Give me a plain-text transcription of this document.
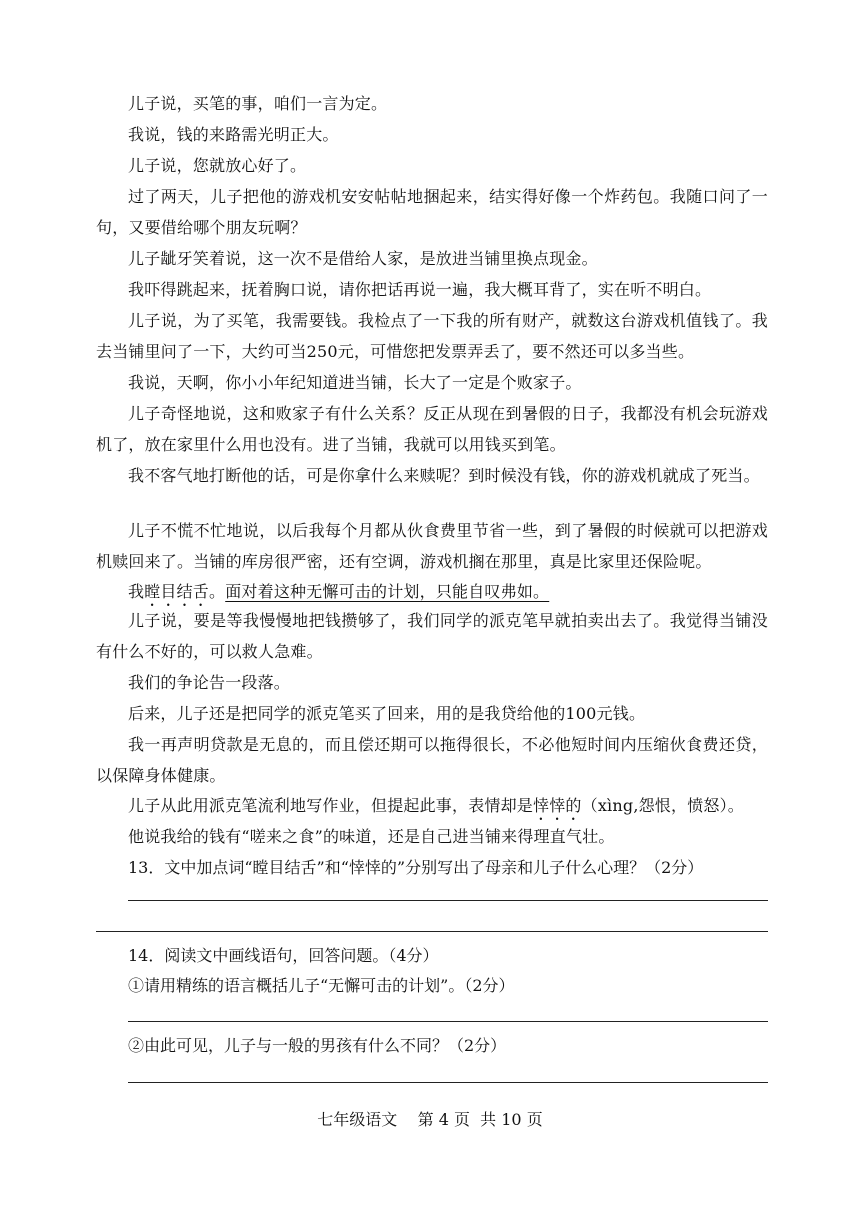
儿子说，买笔的事，咱们一言为定。
我说，钱的来路需光明正大。
儿子说，您就放心好了。
过了两天，儿子把他的游戏机安安帖帖地捆起来，结实得好像一个炸药包。我随口问了一句，又要借给哪个朋友玩啊？
儿子龇牙笑着说，这一次不是借给人家，是放进当铺里换点现金。
我吓得跳起来，抚着胸口说，请你把话再说一遍，我大概耳背了，实在听不明白。
儿子说，为了买笔，我需要钱。我检点了一下我的所有财产，就数这台游戏机值钱了。我去当铺里问了一下，大约可当250元，可惜您把发票弄丢了，要不然还可以多当些。
我说，天啊，你小小年纪知道进当铺，长大了一定是个败家子。
儿子奇怪地说，这和败家子有什么关系？反正从现在到暑假的日子，我都没有机会玩游戏机了，放在家里什么用也没有。进了当铺，我就可以用钱买到笔。
我不客气地打断他的话，可是你拿什么来赎呢？到时候没有钱，你的游戏机就成了死当。
儿子不慌不忙地说，以后我每个月都从伙食费里节省一些，到了暑假的时候就可以把游戏机赎回来了。当铺的库房很严密，还有空调，游戏机搁在那里，真是比家里还保险呢。
我瞠目结舌。面对着这种无懈可击的计划，只能自叹弗如。
儿子说，要是等我慢慢地把钱攒够了，我们同学的派克笔早就拍卖出去了。我觉得当铺没有什么不好的，可以救人急难。
我们的争论告一段落。
后来，儿子还是把同学的派克笔买了回来，用的是我贷给他的100元钱。
我一再声明贷款是无息的，而且偿还期可以拖得很长，不必他短时间内压缩伙食费还贷，以保障身体健康。
儿子从此用派克笔流利地写作业，但提起此事，表情却是悻悻的（xìng,怨恨，愤怒）。
他说我给的钱有“嗟来之食”的味道，还是自己进当铺来得理直气壮。
13．文中加点词“瞠目结舌”和“悻悻的”分别写出了母亲和儿子什么心理？（2分）
14．阅读文中画线语句，回答问题。（4分）
①请用精练的语言概括儿子“无懈可击的计划”。（2分）
②由此可见，儿子与一般的男孩有什么不同？（2分）
七年级语文    第 4 页  共 10 页
